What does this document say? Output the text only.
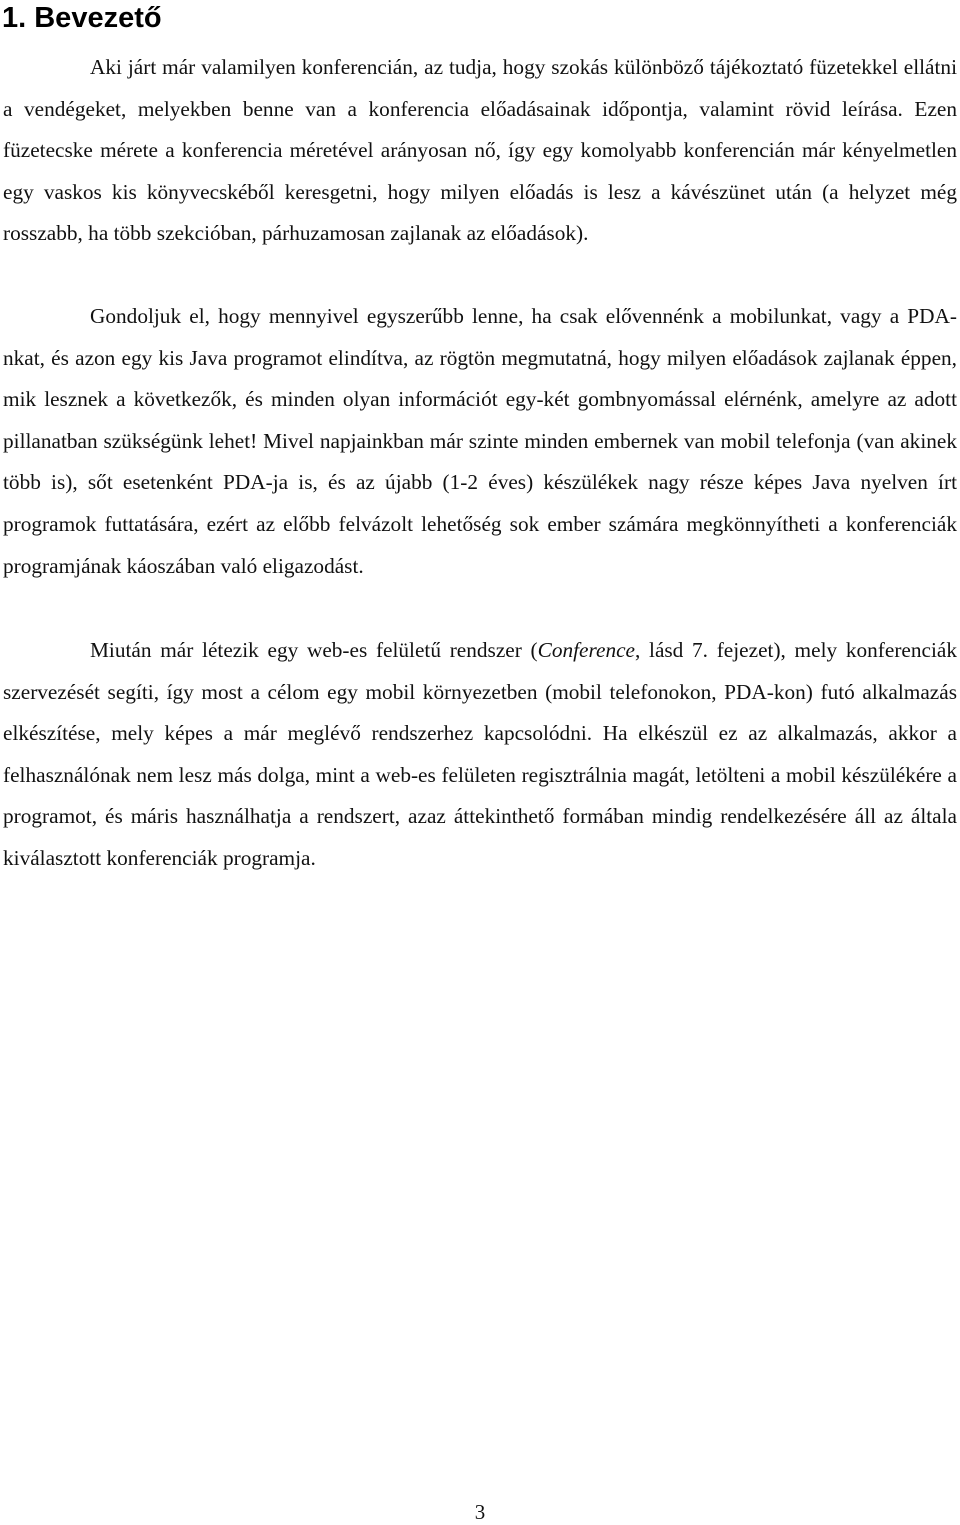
1. Bevezető

Aki járt már valamilyen konferencián, az tudja, hogy szokás különböző tájékoztató füzetekkel ellátni a vendégeket, melyekben benne van a konferencia előadásainak időpontja, valamint rövid leírása. Ezen füzetecske mérete a konferencia méretével arányosan nő, így egy komolyabb konferencián már kényelmetlen egy vaskos kis könyvecskéből keresgetni, hogy milyen előadás is lesz a kávészünet után (a helyzet még rosszabb, ha több szekcióban, párhuzamosan zajlanak az előadások).

Gondoljuk el, hogy mennyivel egyszerűbb lenne, ha csak elővennénk a mobilunkat, vagy a PDA-nkat, és azon egy kis Java programot elindítva, az rögtön megmutatná, hogy milyen előadások zajlanak éppen, mik lesznek a következők, és minden olyan információt egy-két gombnyomással elérnénk, amelyre az adott pillanatban szükségünk lehet! Mivel napjainkban már szinte minden embernek van mobil telefonja (van akinek több is), sőt esetenként PDA-ja is, és az újabb (1-2 éves) készülékek nagy része képes Java nyelven írt programok futtatására, ezért az előbb felvázolt lehetőség sok ember számára megkönnyítheti a konferenciák programjának káoszában való eligazodást.

Miután már létezik egy web-es felületű rendszer (Conference, lásd 7. fejezet), mely konferenciák szervezését segíti, így most a célom egy mobil környezetben (mobil telefonokon, PDA-kon) futó alkalmazás elkészítése, mely képes a már meglévő rendszerhez kapcsolódni. Ha elkészül ez az alkalmazás, akkor a felhasználónak nem lesz más dolga, mint a web-es felületen regisztrálnia magát, letölteni a mobil készülékére a programot, és máris használhatja a rendszert, azaz áttekinthető formában mindig rendelkezésére áll az általa kiválasztott konferenciák programja.

3
